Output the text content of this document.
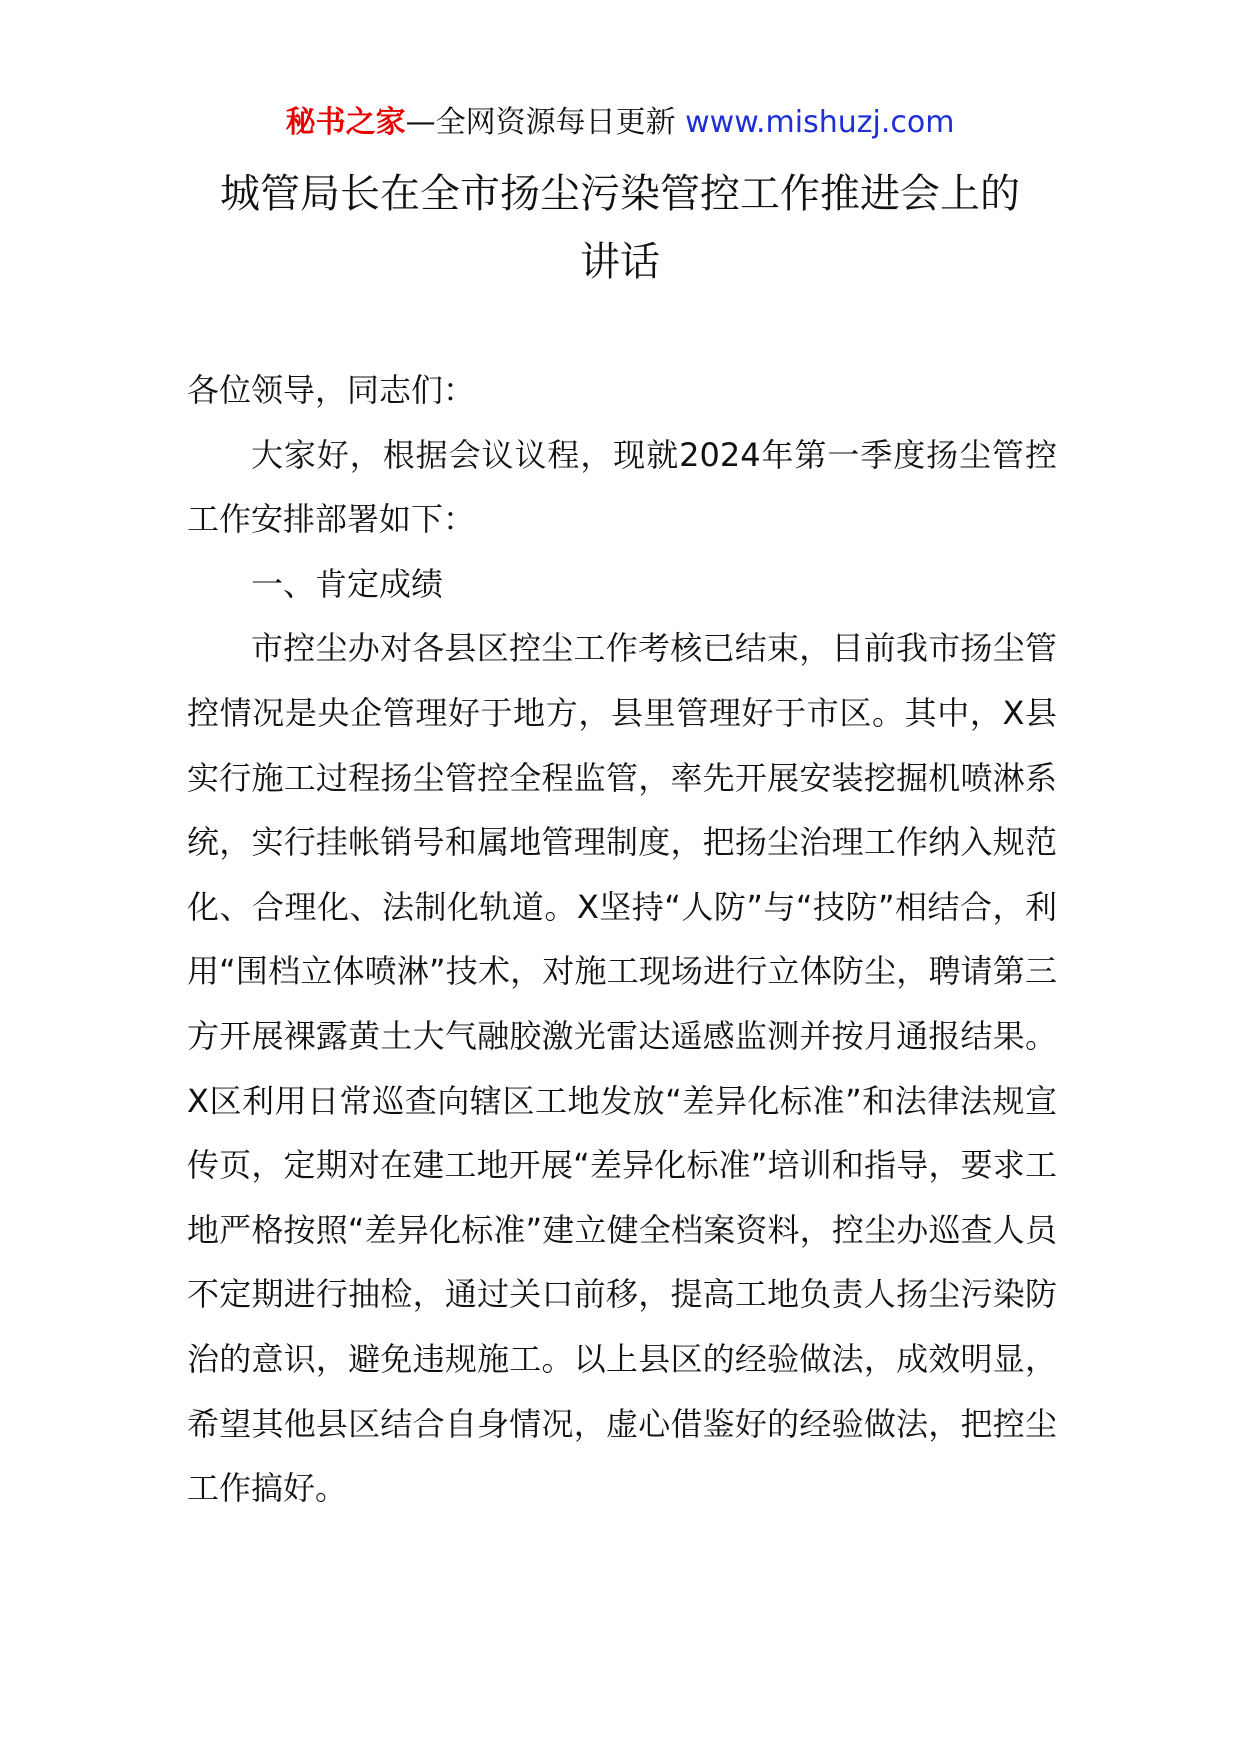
秘书之家—全网资源每日更新 www.mishuzj.com
城管局长在全市扬尘污染管控工作推进会上的
讲话

各位领导，同志们：

大家好，根据会议议程，现就2024年第一季度扬尘管控工作安排部署如下：

一、肯定成绩

市控尘办对各县区控尘工作考核已结束，目前我市扬尘管控情况是央企管理好于地方，县里管理好于市区。其中，X县实行施工过程扬尘管控全程监管，率先开展安装挖掘机喷淋系统，实行挂帐销号和属地管理制度，把扬尘治理工作纳入规范化、合理化、法制化轨道。X坚持“人防”与“技防”相结合，利用“围档立体喷淋”技术，对施工现场进行立体防尘，聘请第三方开展裸露黄土大气融胶激光雷达遥感监测并按月通报结果。X区利用日常巡查向辖区工地发放“差异化标准”和法律法规宣传页，定期对在建工地开展“差异化标准”培训和指导，要求工地严格按照“差异化标准”建立健全档案资料，控尘办巡查人员不定期进行抽检，通过关口前移，提高工地负责人扬尘污染防治的意识，避免违规施工。以上县区的经验做法，成效明显，希望其他县区结合自身情况，虚心借鉴好的经验做法，把控尘工作搞好。
